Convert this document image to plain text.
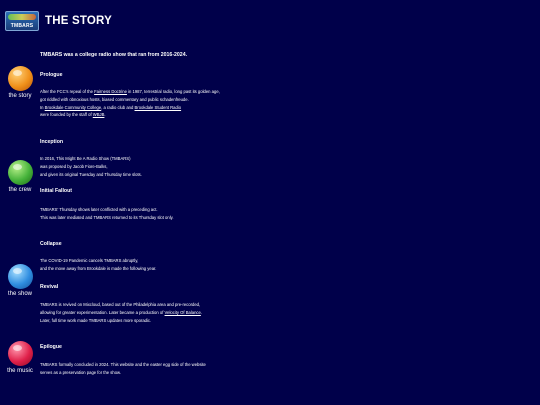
TMBARS	THE STORY
the story
the crew
the show
the music
TMBARS was a college radio show that ran from 2016-2024.
Prologue

After the FCC's repeal of the Fairness Doctrine in 1987, terrestrial radio, long past its golden age,

got riddled with obnoxious hosts, biased commentary and public schadenfreude.

In Brookdale Community College, a radio club and Brookdale Student Radio

were founded by the staff of WBJB.

Inception

In 2016, This Might Be A Radio Show (TMBARS)

was proposed by Jacob Fiore-Balks,

and given its original Tuesday and Thursday time slots.

Initial Fallout

TMBARS' Thursday shows later conflicted with a preceding act.

This was later mediated and TMBARS returned to its Thursday slot only.

Collapse

The COVID-19 Pandemic cancels TMBARS abruptly,

and the move away from Brookdale is made the following year.

Revival

TMBARS is revived on Mixcloud, based out of the Philadelphia area and pre-recorded,

allowing for greater experimentation. Later became a production of Velocity Of Balance.

Later, full time work made TMBARS updates more sporadic.

Epilogue

TMBARS formally concluded in 2024. This website and the easter egg side of the website

serves as a preservation page for the show.
